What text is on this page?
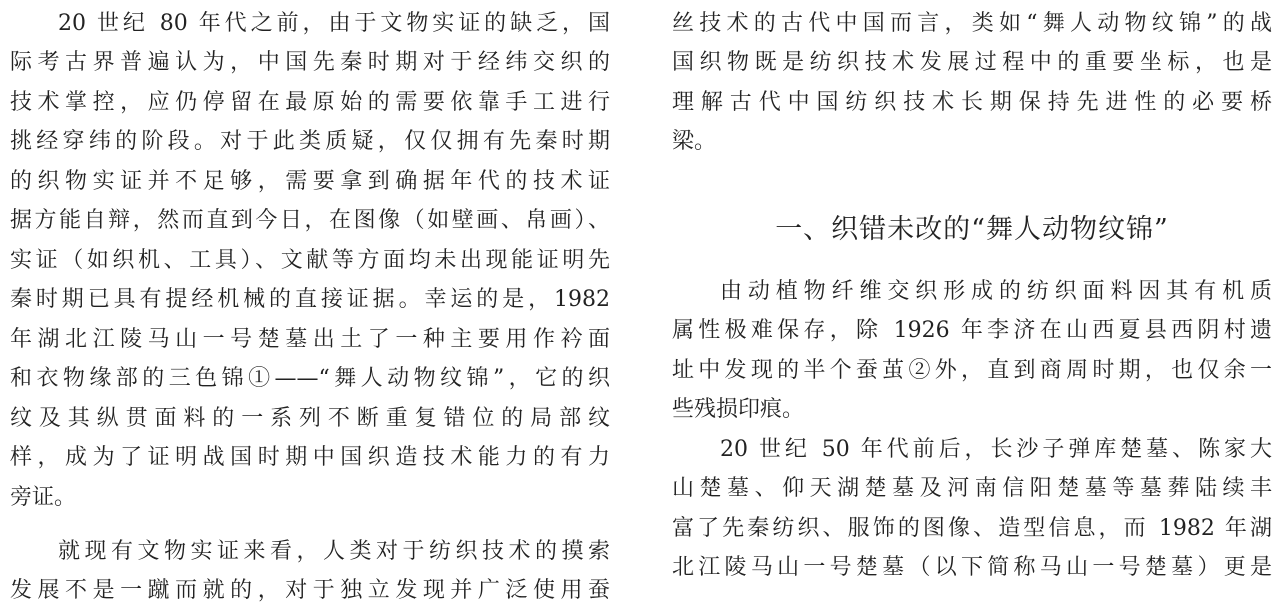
20 世纪 80 年代之前，由于文物实证的缺乏，国
际考古界普遍认为，中国先秦时期对于经纬交织的
技术掌控，应仍停留在最原始的需要依靠手工进行
挑经穿纬的阶段。对于此类质疑，仅仅拥有先秦时期
的织物实证并不足够，需要拿到确据年代的技术证
据方能自辩，然而直到今日，在图像（如壁画、帛画）、
实证（如织机、工具）、文献等方面均未出现能证明先
秦时期已具有提经机械的直接证据。幸运的是，1982
年湖北江陵马山一号楚墓出土了一种主要用作衿面
和衣物缘部的三色锦①——“舞人动物纹锦”，它的织
纹及其纵贯面料的一系列不断重复错位的局部纹
样，成为了证明战国时期中国织造技术能力的有力
旁证。
就现有文物实证来看，人类对于纺织技术的摸索
发展不是一蹴而就的，对于独立发现并广泛使用蚕
丝技术的古代中国而言，类如“舞人动物纹锦”的战
国织物既是纺织技术发展过程中的重要坐标，也是
理解古代中国纺织技术长期保持先进性的必要桥
梁。
一、织错未改的“舞人动物纹锦”
由动植物纤维交织形成的纺织面料因其有机质
属性极难保存，除 1926 年李济在山西夏县西阴村遗
址中发现的半个蚕茧②外，直到商周时期，也仅余一
些残损印痕。
20 世纪 50 年代前后，长沙子弹库楚墓、陈家大
山楚墓、仰天湖楚墓及河南信阳楚墓等墓葬陆续丰
富了先秦纺织、服饰的图像、造型信息，而 1982 年湖
北江陵马山一号楚墓（以下简称马山一号楚墓）更是
